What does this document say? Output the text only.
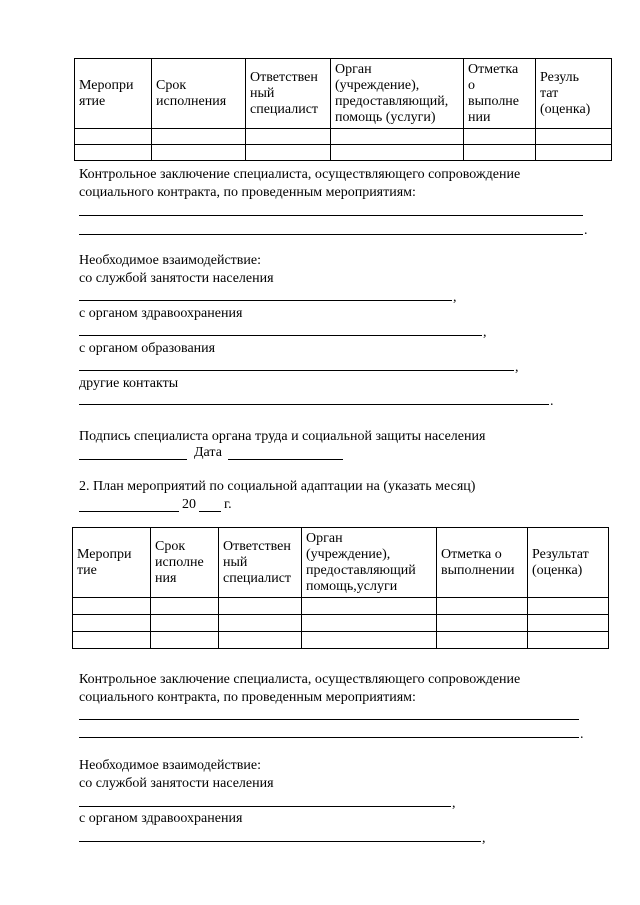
Меропри
ятие	Срок
исполнения	Ответствен
ный
специалист	Орган
(учреждение),
предоставляющий,
помощь (услуги)	Отметка
о
выполне
нии	Резуль
тат
(оценка)

Контрольное заключение специалиста, осуществляющего сопровождение
социального контракта, по проведенным мероприятиям:
.
Необходимое взаимодействие:
со службой занятости населения
,
с органом здравоохранения
,
с органом образования
,
другие контакты
.
Подпись специалиста органа труда и социальной защиты населения
Дата
2. План мероприятий по социальной адаптации на (указать месяц)
20 г.
Меропри
тие	Срок
исполне
ния	Ответствен
ный
специалист	Орган
(учреждение),
предоставляющий
помощь,услуги	Отметка о
выполнении	Результат
(оценка)

Контрольное заключение специалиста, осуществляющего сопровождение
социального контракта, по проведенным мероприятиям:
.
Необходимое взаимодействие:
со службой занятости населения
,
с органом здравоохранения
,
